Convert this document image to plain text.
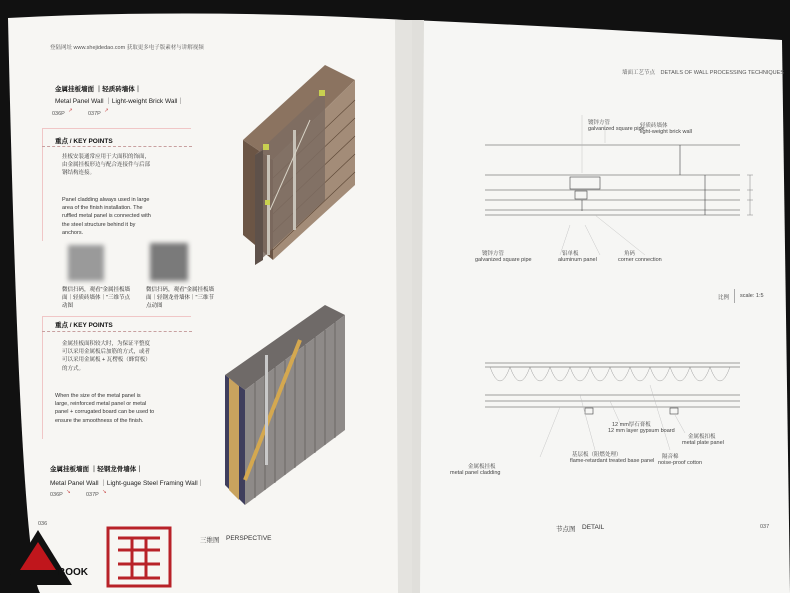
登陆网址 www.shejidedao.com 获取更多电子版素材与讲解视频
金属挂板墙面 ｜轻质砖墙体｜
Metal Panel Wall ｜Light-weight Brick Wall｜
036P ↗	037P ↗
重点 / KEY POINTS
挂板安装通常应用于大面积的饰面，由金属挂板形边与配合连接件与后部钢结构连接。
Panel cladding always used in large area of the finish installation. The ruffled metal panel is connected with the steel structure behind it by anchors.
微信扫码，观看"金属挂板墙面｜轻质砖墙体｜"三维节点动图
微信扫码，观看"金属挂板墙面｜轻钢龙骨墙体｜"三维节点动图
重点 / KEY POINTS
金属挂板面积较大时，为保证平整度可以采用金属板后加筋的方式，或者可以采用金属板 + 瓦楞板（蜂窝板）的方式。
When the size of the metal panel is large, reinforced metal panel or metal panel + corrugated board can be used to ensure the smoothness of the finish.
金属挂板墙面 ｜轻钢龙骨墙体｜
Metal Panel Wall ｜Light-guage Steel Framing Wall｜
036P ↘	037P ↘
036
三维图 PERSPECTIVE
墙面工艺节点　DETAILS OF WALL PROCESSING TECHNIQUES
镀锌方管
galvanized square pipe
轻质砖墙体
light-weight brick wall
镀锌方管
galvanized square pipe
铝单板
aluminum panel
角码
corner connection
比例 scale: 1:5
12 mm厚石膏板
12 mm layer gypsum board
金属板扣板
metal plate panel
基层板（阻燃处理）
flame-retardant treated base panel
隔音棉
noise-proof cotton
金属板挂板
metal panel cladding
节点图 DETAIL	037
BOOK
